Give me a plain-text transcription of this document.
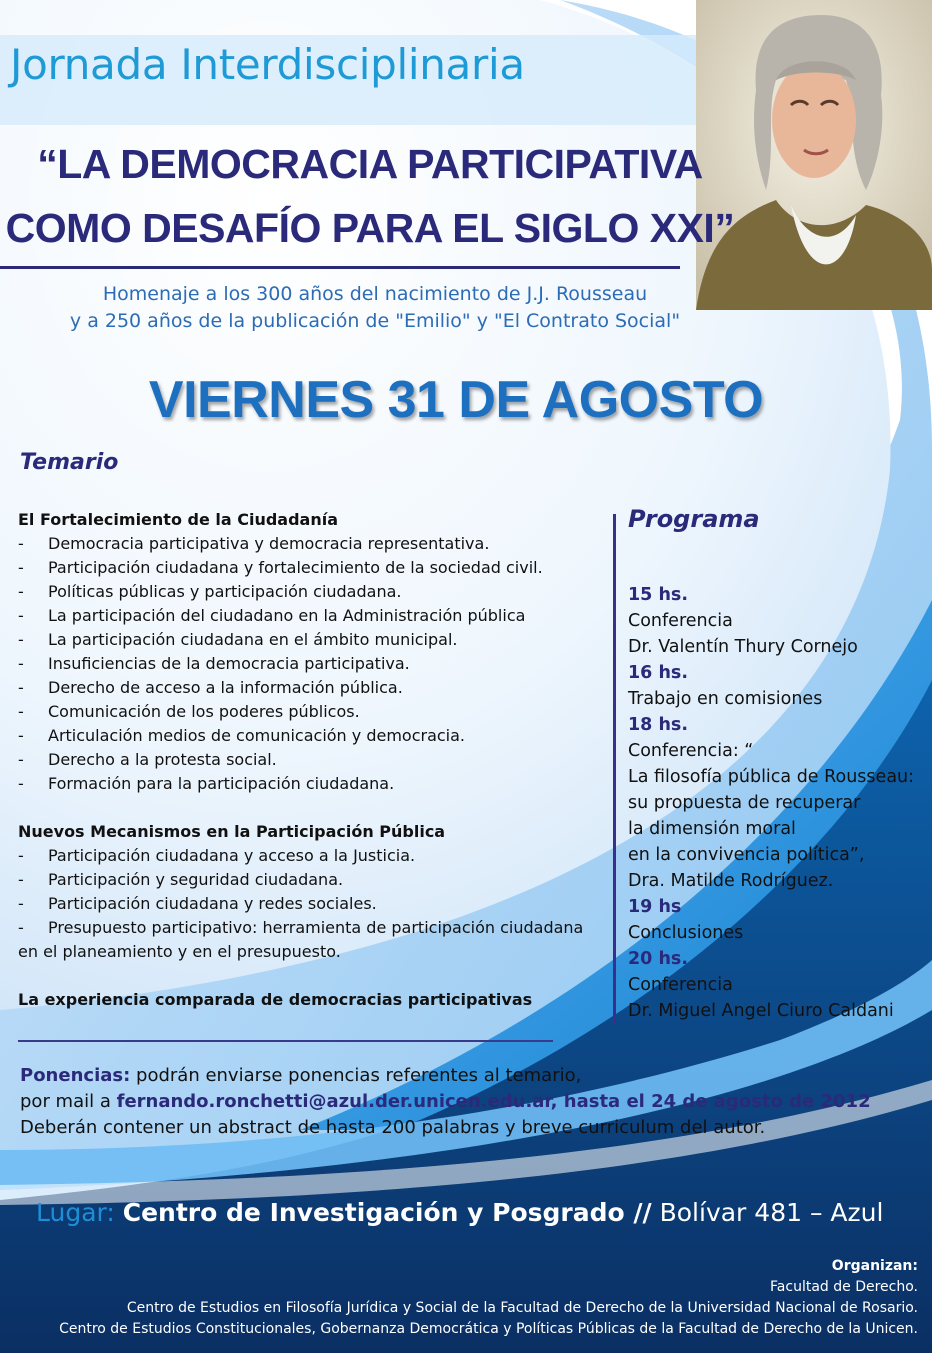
Jornada Interdisciplinaria
“LA DEMOCRACIA PARTICIPATIVA
COMO DESAFÍO PARA EL SIGLO XXI”
Homenaje a los 300 años del nacimiento de J.J. Rousseau
y a 250 años de la publicación de "Emilio" y "El Contrato Social"
VIERNES 31 DE AGOSTO
Temario
El Fortalecimiento de la Ciudadanía
-	Democracia participativa y democracia representativa.
-	Participación ciudadana y fortalecimiento de la sociedad civil.
-	Políticas públicas y participación ciudadana.
-	La participación del ciudadano en la Administración pública
-	La participación ciudadana en el ámbito municipal.
-	Insuficiencias de la democracia participativa.
-	Derecho de acceso a la información pública.
-	Comunicación de los poderes públicos.
-	Articulación medios de comunicación y democracia.
-	Derecho a la protesta social.
-	Formación para la participación ciudadana.
Nuevos Mecanismos en la Participación Pública
-	Participación ciudadana y acceso a la Justicia.
-	Participación y seguridad ciudadana.
-	Participación ciudadana y redes sociales.
-	Presupuesto participativo: herramienta de participación ciudadana
en el planeamiento y en el presupuesto.
La experiencia comparada de democracias participativas
Programa
15 hs.
Conferencia
Dr. Valentín Thury Cornejo
16 hs.
Trabajo en comisiones
18 hs.
Conferencia: “
La filosofía pública de Rousseau:
su propuesta de recuperar
la dimensión moral
en la convivencia política”,
Dra. Matilde Rodríguez.
19 hs
Conclusiones
20 hs.
Conferencia
Dr. Miguel Angel Ciuro Caldani
Ponencias: podrán enviarse ponencias referentes al temario,
por mail a fernando.ronchetti@azul.der.unicen.edu.ar, hasta el 24 de agosto de 2012
Deberán contener un abstract de hasta 200 palabras y breve curriculum del autor.
Lugar: Centro de Investigación y Posgrado // Bolívar 481 – Azul
Organizan:
Facultad de Derecho.
Centro de Estudios en Filosofía Jurídica y Social de la Facultad de Derecho de la Universidad Nacional de Rosario.
Centro de Estudios Constitucionales, Gobernanza Democrática y Políticas Públicas de la Facultad de Derecho de la Unicen.
